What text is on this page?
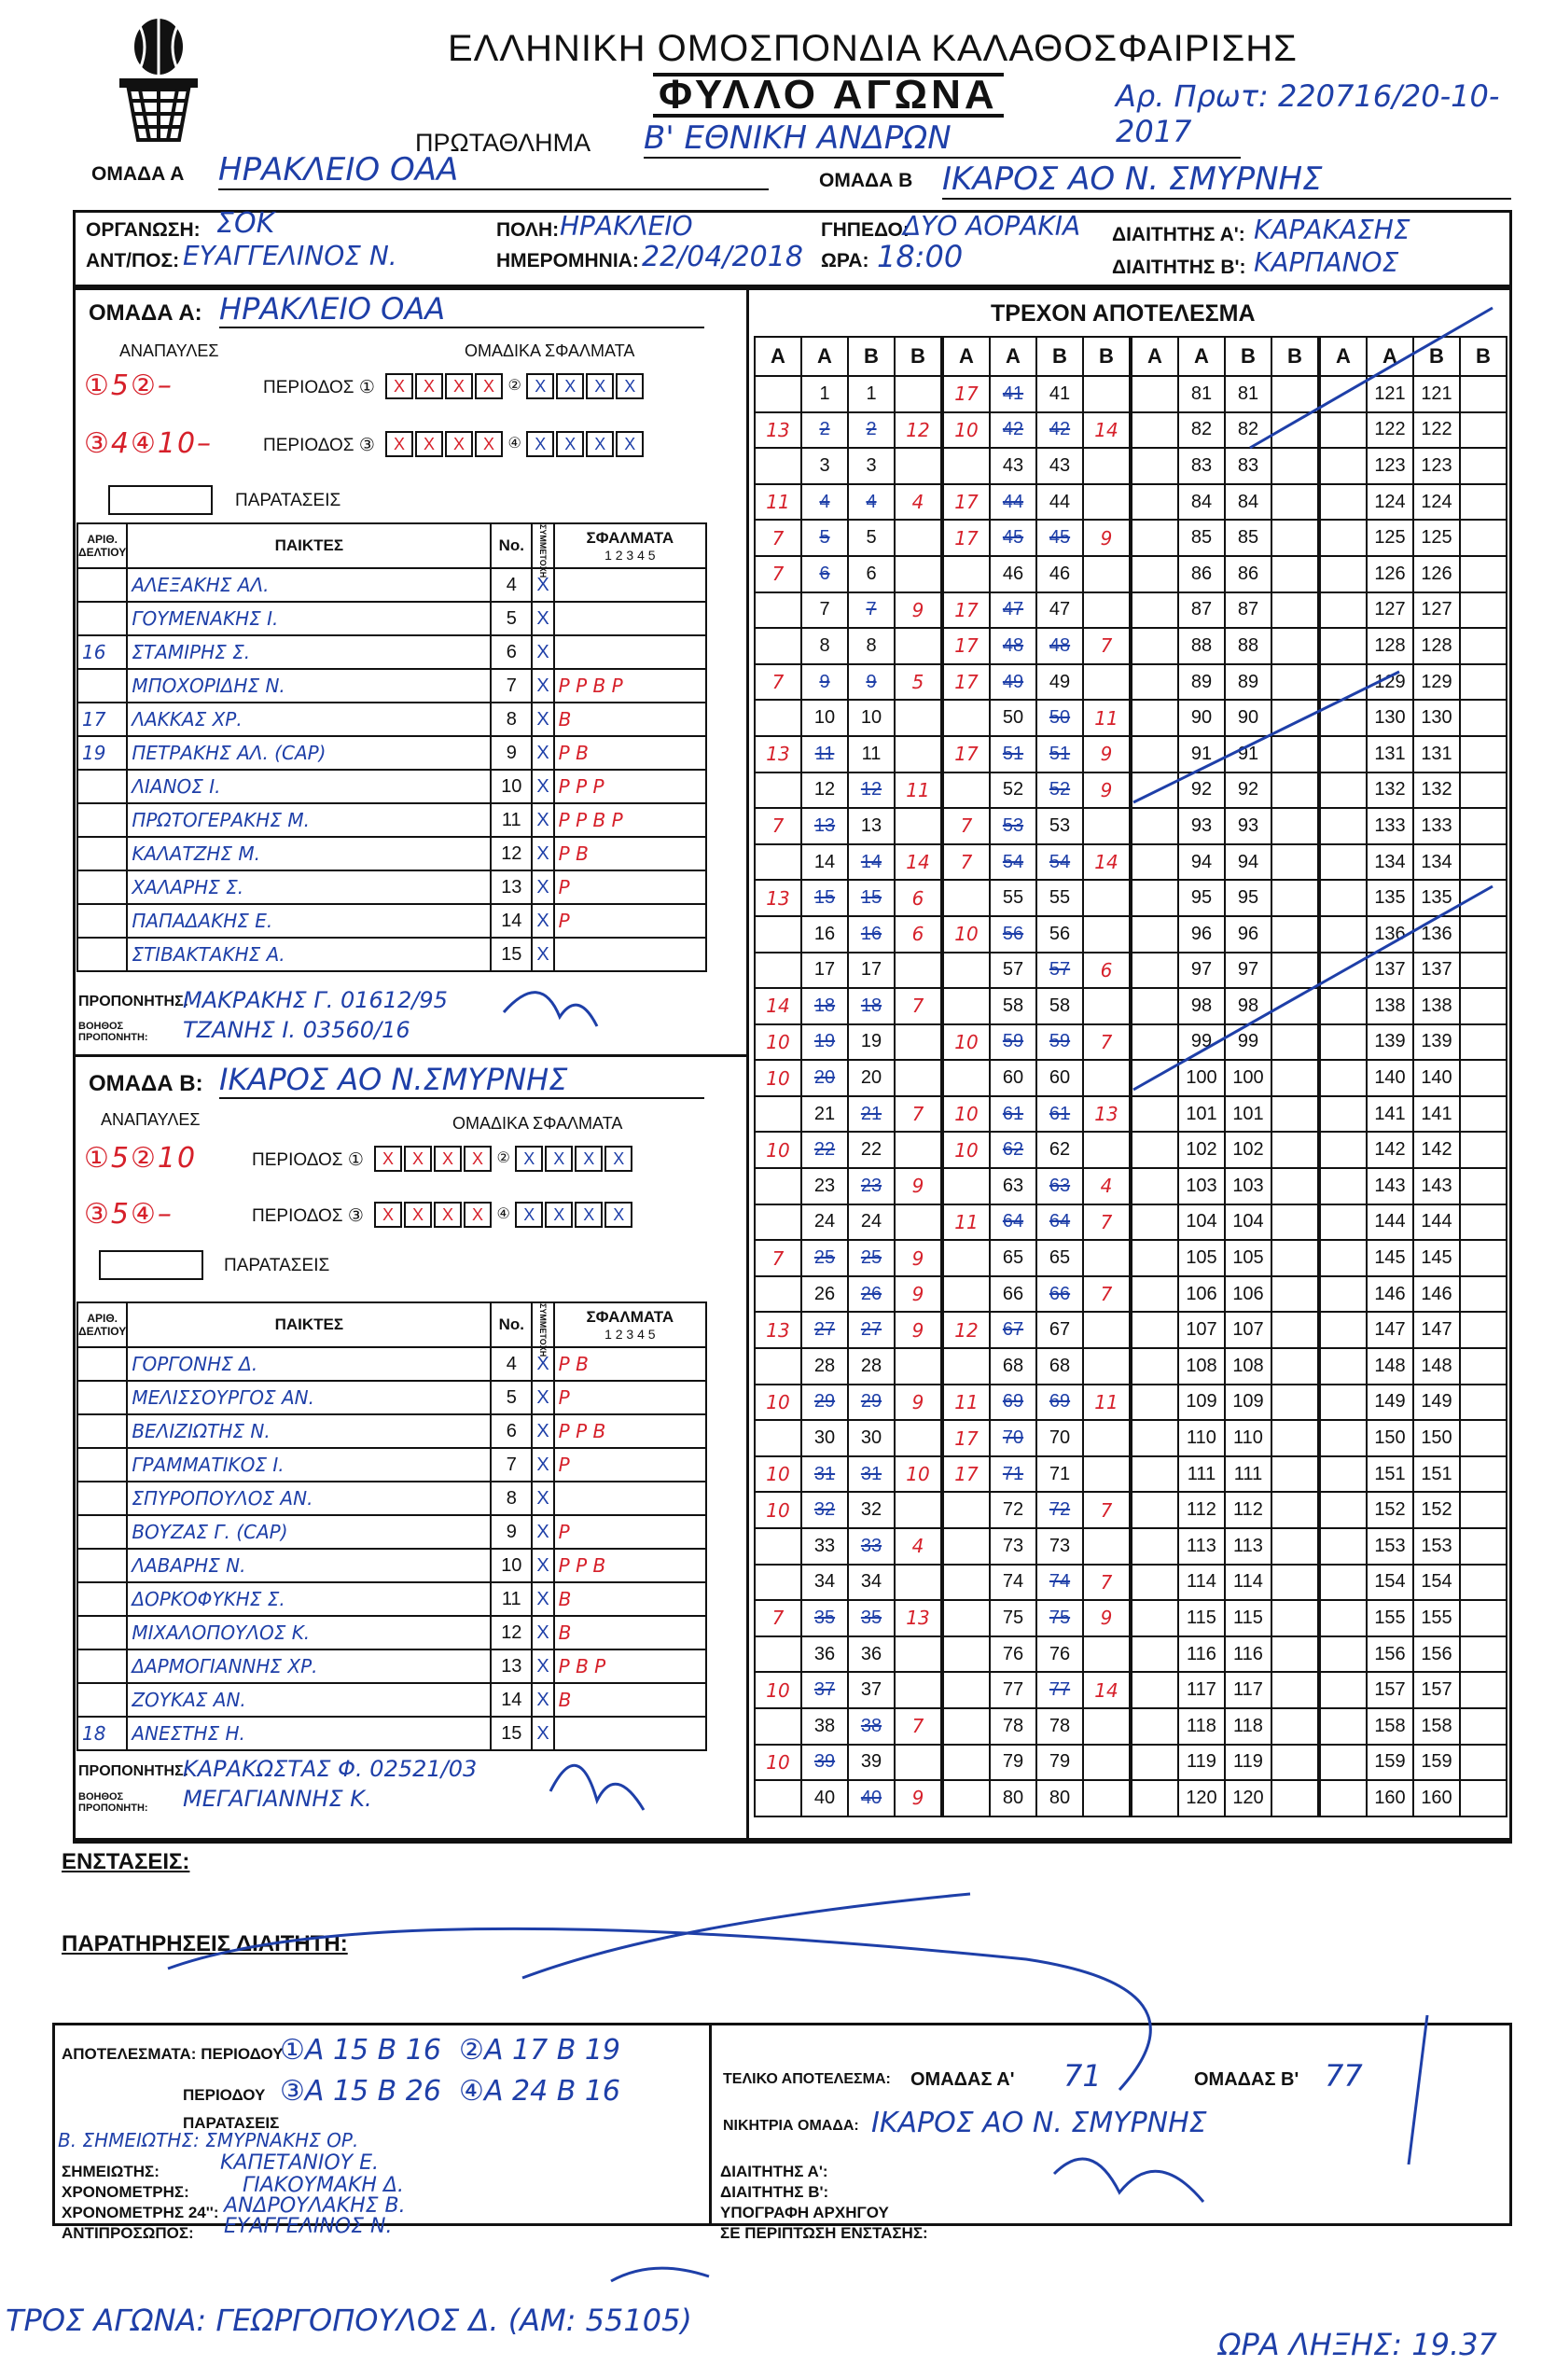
ΕΛΛΗΝΙΚΗ ΟΜΟΣΠΟΝΔΙΑ ΚΑΛΑΘΟΣΦΑΙΡΙΣΗΣ
ΦΥΛΛΟ ΑΓΩΝΑ	Αρ. Πρωτ: 220716/20-10-2017
ΠΡΩΤΑΘΛΗΜΑ Β' ΕΘΝΙΚΗ ΑΝΔΡΩΝ
ΟΜΑΔΑ Α ΗΡΑΚΛΕΙΟ ΟΑΑ	ΟΜΑΔΑ Β ΙΚΑΡΟΣ ΑΟ Ν. ΣΜΥΡΝΗΣ
ΟΡΓΑΝΩΣΗ: ΣΟΚ	ΠΟΛΗ: ΗΡΑΚΛΕΙΟ	ΓΗΠΕΔΟ:
ΔΥΟ ΑΟΡΑΚΙΑ ΔΙΑΙΤΗΤΗΣ Α': ΚΑΡΑΚΑΣΗΣ
ΑΝΤ/ΠΟΣ: ΕΥΑΓΓΕΛΙΝΟΣ Ν.	ΗΜΕΡΟΜΗΝΙΑ: 22/04/2018 ΩΡΑ: 18:00	ΔΙΑΙΤΗΤΗΣ Β': ΚΑΡΠΑΝΟΣ
ΟΜΑΔΑ Α: ΗΡΑΚΛΕΙΟ ΟΑΑ
ΑΝΑΠΑΥΛΕΣ	ΟΜΑΔΙΚΑ ΣΦΑΛΜΑΤΑ
①5②–
③4④10–
ΠΕΡΙΟΔΟΣ ①	X X X X ② X X X X
ΠΕΡΙΟΔΟΣ ③	X X X X ④ X X X X
ΠΑΡΑΤΑΣΕΙΣ
ΑΡΙΘ. ΔΕΛΤΙΟΥ	ΠΑΙΚΤΕΣ	No.	ΣΥΜΜΕΤΟΧΗ	ΣΦΑΛΜΑΤΑ
1 2 3 4 5

	ΑΛΕΞΑΚΗΣ ΑΛ.	4	X	
	ΓΟΥΜΕΝΑΚΗΣ Ι.	5	X	
16	ΣΤΑΜΙΡΗΣ Σ.	6	X	
	ΜΠΟΧΟΡΙΔΗΣ Ν.	7	X	P P B P
17	ΛΑΚΚΑΣ ΧΡ.	8	X	B
19	ΠΕΤΡΑΚΗΣ ΑΛ. (CAP)	9	X	P B
	ΛΙΑΝΟΣ Ι.	10	X	P P P
	ΠΡΩΤΟΓΕΡΑΚΗΣ Μ.	11	X	P P B P
	ΚΑΛΑΤΖΗΣ Μ.	12	X	P B
	ΧΑΛΑΡΗΣ Σ.	13	X	P
	ΠΑΠΑΔΑΚΗΣ Ε.	14	X	P
	ΣΤΙΒΑΚΤΑΚΗΣ Α.	15	X	
ΠΡΟΠΟΝΗΤΗΣ:
ΜΑΚΡΑΚΗΣ Γ. 01612/95
ΒΟΗΘΟΣ ΠΡΟΠΟΝΗΤΗ:	ΤΖΑΝΗΣ Ι. 03560/16
ΟΜΑΔΑ Β: ΙΚΑΡΟΣ ΑΟ Ν.ΣΜΥΡΝΗΣ
ΑΝΑΠΑΥΛΕΣ	ΟΜΑΔΙΚΑ ΣΦΑΛΜΑΤΑ
①5②10
③5④–
ΠΕΡΙΟΔΟΣ ①	X X X X ② X X X X
ΠΕΡΙΟΔΟΣ ③	X X X X ④ X X X X
ΠΑΡΑΤΑΣΕΙΣ
ΑΡΙΘ. ΔΕΛΤΙΟΥ	ΠΑΙΚΤΕΣ	No.	ΣΥΜΜΕΤΟΧΗ	ΣΦΑΛΜΑΤΑ
1 2 3 4 5

	ΓΟΡΓΟΝΗΣ Δ.	4	X	P B
	ΜΕΛΙΣΣΟΥΡΓΟΣ ΑΝ.	5	X	P
	ΒΕΛΙΖΙΩΤΗΣ Ν.	6	X	P P B
	ΓΡΑΜΜΑΤΙΚΟΣ Ι.	7	X	P
	ΣΠΥΡΟΠΟΥΛΟΣ ΑΝ.	8	X	
	ΒΟΥΖΑΣ Γ. (CAP)	9	X	P
	ΛΑΒΑΡΗΣ Ν.	10	X	P P B
	ΔΟΡΚΟΦΥΚΗΣ Σ.	11	X	B
	ΜΙΧΑΛΟΠΟΥΛΟΣ Κ.	12	X	B
	ΔΑΡΜΟΓΙΑΝΝΗΣ ΧΡ.	13	X	P B P
	ΖΟΥΚΑΣ ΑΝ.	14	X	B
18	ΑΝΕΣΤΗΣ Η.	15	X	
ΠΡΟΠΟΝΗΤΗΣ:
ΚΑΡΑΚΩΣΤΑΣ Φ. 02521/03
ΒΟΗΘΟΣ ΠΡΟΠΟΝΗΤΗ:	ΜΕΓΑΓΙΑΝΝΗΣ Κ.
ΤΡΕΧΟΝ ΑΠΟΤΕΛΕΣΜΑ
A	A	B	B
	1	1	
13	2	2	12
	3	3	
11	4	4	4
7	5	5	
7	6	6	
	7	7	9
	8	8	
7	9	9	5
	10	10	
13	11	11	
	12	12	11
7	13	13	
	14	14	14
13	15	15	6
	16	16	6
	17	17	
14	18	18	7
10	19	19	
10	20	20	
	21	21	7
10	22	22	
	23	23	9
	24	24	
7	25	25	9
	26	26	9
13	27	27	9
	28	28	
10	29	29	9
	30	30	
10	31	31	10
10	32	32	
	33	33	4
	34	34	
7	35	35	13
	36	36	
10	37	37	
	38	38	7
10	39	39	
	40	40	9
A	A	B	B
17	41	41	
10	42	42	14
	43	43	
17	44	44	
17	45	45	9
	46	46	
17	47	47	
17	48	48	7
17	49	49	
	50	50	11
17	51	51	9
	52	52	9
7	53	53	
7	54	54	14
	55	55	
10	56	56	
	57	57	6
	58	58	
10	59	59	7
	60	60	
10	61	61	13
10	62	62	
	63	63	4
11	64	64	7
	65	65	
	66	66	7
12	67	67	
	68	68	
11	69	69	11
17	70	70	
17	71	71	
	72	72	7
	73	73	
	74	74	7
	75	75	9
	76	76	
	77	77	14
	78	78	
	79	79	
	80	80	
A	A	B	B
	81	81	
	82	82	
	83	83	
	84	84	
	85	85	
	86	86	
	87	87	
	88	88	
	89	89	
	90	90	
	91	91	
	92	92	
	93	93	
	94	94	
	95	95	
	96	96	
	97	97	
	98	98	
	99	99	
	100	100	
	101	101	
	102	102	
	103	103	
	104	104	
	105	105	
	106	106	
	107	107	
	108	108	
	109	109	
	110	110	
	111	111	
	112	112	
	113	113	
	114	114	
	115	115	
	116	116	
	117	117	
	118	118	
	119	119	
	120	120	
A	A	B	B
	121	121	
	122	122	
	123	123	
	124	124	
	125	125	
	126	126	
	127	127	
	128	128	
	129	129	
	130	130	
	131	131	
	132	132	
	133	133	
	134	134	
	135	135	
	136	136	
	137	137	
	138	138	
	139	139	
	140	140	
	141	141	
	142	142	
	143	143	
	144	144	
	145	145	
	146	146	
	147	147	
	148	148	
	149	149	
	150	150	
	151	151	
	152	152	
	153	153	
	154	154	
	155	155	
	156	156	
	157	157	
	158	158	
	159	159	
	160	160	
ΕΝΣΤΑΣΕΙΣ:
ΠΑΡΑΤΗΡΗΣΕΙΣ ΔΙΑΙΤΗΤΗ:
ΑΠΟΤΕΛΕΣΜΑΤΑ: ΠΕΡΙΟΔΟΥ
①A 15 B 16 ②A 17 B 19
ΠΕΡΙΟΔΟΥ ③A 15 B 26 ④A 24 B 16
ΠΑΡΑΤΑΣΕΙΣ
ΤΕΛΙΚΟ ΑΠΟΤΕΛΕΣΜΑ: ΟΜΑΔΑΣ Α' 71	ΟΜΑΔΑΣ Β' 77
ΝΙΚΗΤΡΙΑ ΟΜΑΔΑ: ΙΚΑΡΟΣ ΑΟ Ν. ΣΜΥΡΝΗΣ
Β. ΣΗΜΕΙΩΤΗΣ: ΣΜΥΡΝΑΚΗΣ ΟΡ.
ΣΗΜΕΙΩΤΗΣ:	ΚΑΠΕΤΑΝΙΟΥ Ε.
ΧΡΟΝΟΜΕΤΡΗΣ:	ΓΙΑΚΟΥΜΑΚΗ Δ.
ΧΡΟΝΟΜΕΤΡΗΣ 24'': ΑΝΔΡΟΥΛΑΚΗΣ Β.
ΑΝΤΙΠΡΟΣΩΠΟΣ: ΕΥΑΓΓΕΛΙΝΟΣ Ν.
ΔΙΑΙΤΗΤΗΣ Α':
ΔΙΑΙΤΗΤΗΣ Β':
ΥΠΟΓΡΑΦΗ ΑΡΧΗΓΟΥ
ΣΕ ΠΕΡΙΠΤΩΣΗ ΕΝΣΤΑΣΗΣ:
ΤΡΟΣ ΑΓΩΝΑ: ΓΕΩΡΓΟΠΟΥΛΟΣ Δ. (ΑΜ: 55105)
ΩΡΑ ΛΗΞΗΣ: 19.37
